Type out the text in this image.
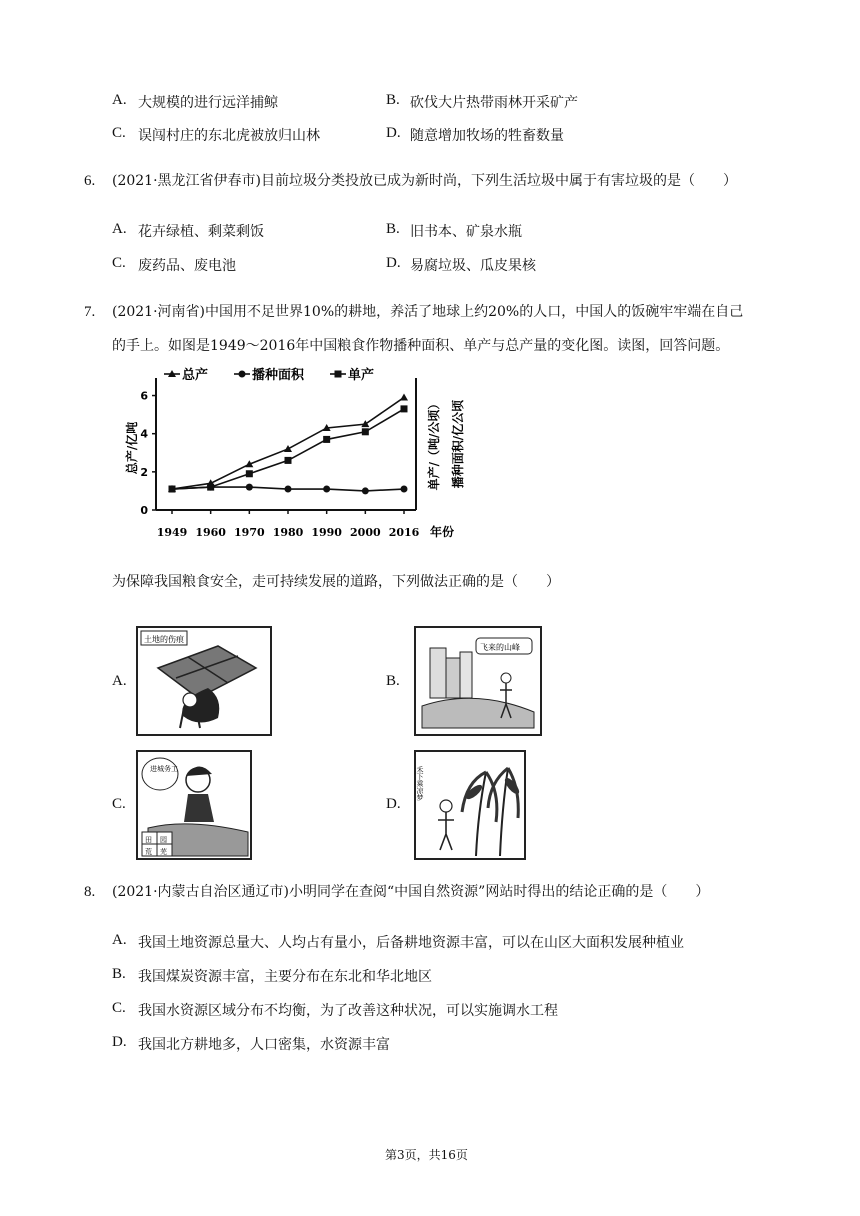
A. 大规模的进行远洋捕鲸	B. 砍伐大片热带雨林开采矿产
C. 误闯村庄的东北虎被放归山林	D. 随意增加牧场的牲畜数量
6. (2021·黑龙江省伊春市)目前垃圾分类投放已成为新时尚，下列生活垃圾中属于有害垃圾的是（　　）
A. 花卉绿植、剩菜剩饭	B. 旧书本、矿泉水瓶
C. 废药品、废电池	D. 易腐垃圾、瓜皮果核
7. (2021·河南省)中国用不足世界10%的耕地，养活了地球上约20%的人口，中国人的饭碗牢牢端在自己
的手上。如图是1949～2016年中国粮食作物播种面积、单产与总产量的变化图。读图，回答问题。
总产	播种面积	单产
0
2
4
6
1949 1960 1970 1980 1990 2000 2016 年份
总产/亿吨	单产/（吨/公顷） 播种面积/亿公顷
为保障我国粮食安全，走可持续发展的道路，下列做法正确的是（　　）
A.
土地的伤痕
B.
飞来的山峰
C.
进城务工
田 园
荒 芜
D.
禾下乘凉梦
8. (2021·内蒙古自治区通辽市)小明同学在查阅“中国自然资源”网站时得出的结论正确的是（　　）
A. 我国土地资源总量大、人均占有量小，后备耕地资源丰富，可以在山区大面积发展种植业
B. 我国煤炭资源丰富，主要分布在东北和华北地区
C. 我国水资源区域分布不均衡，为了改善这种状况，可以实施调水工程
D. 我国北方耕地多，人口密集，水资源丰富
第3页，共16页
